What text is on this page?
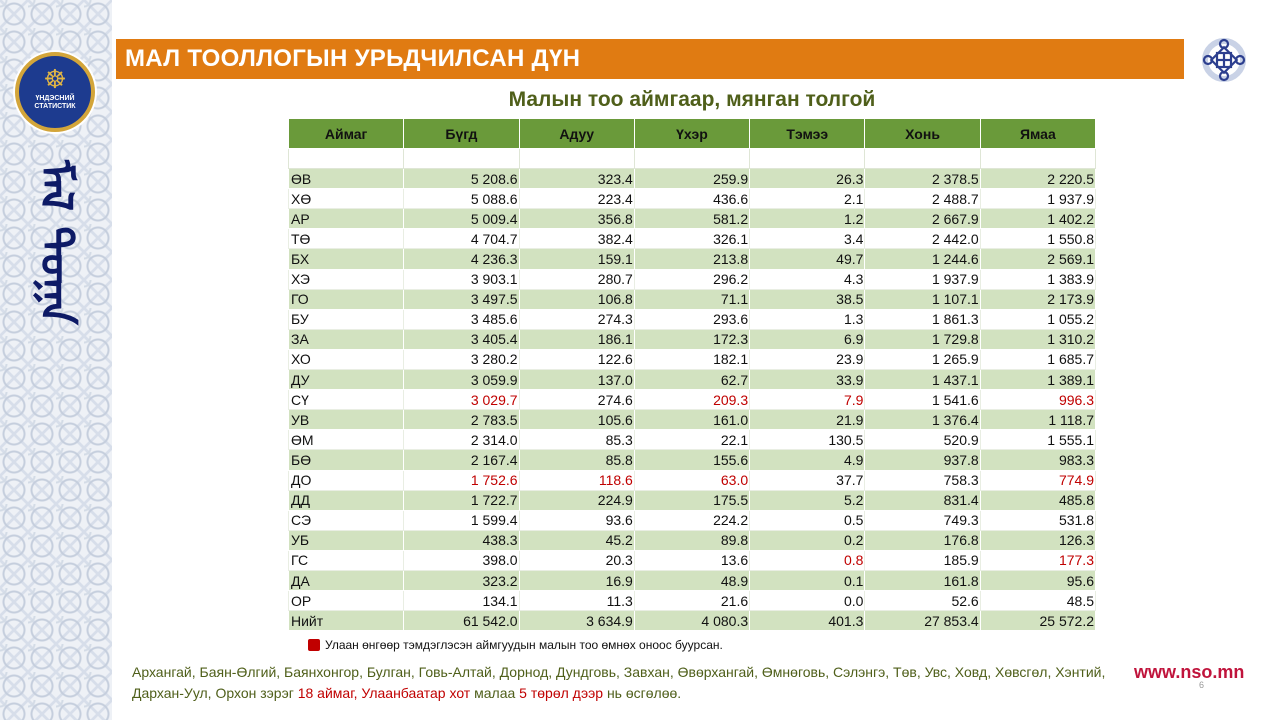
☸
ҮНДЭСНИЙ
СТАТИСТИК
ᠮᠠᠯ ᠲᠣᠭᠠ
МАЛ ТООЛЛОГЫН УРЬДЧИЛСАН ДҮН
Малын тоо аймгаар, мянган толгой
Аймаг	Бүгд	Адуу	Үхэр	Тэмээ	Хонь	Ямаа

ӨВ	5 208.6	323.4	259.9	26.3	2 378.5	2 220.5
ХӨ	5 088.6	223.4	436.6	2.1	2 488.7	1 937.9
АР	5 009.4	356.8	581.2	1.2	2 667.9	1 402.2
ТӨ	4 704.7	382.4	326.1	3.4	2 442.0	1 550.8
БХ	4 236.3	159.1	213.8	49.7	1 244.6	2 569.1
ХЭ	3 903.1	280.7	296.2	4.3	1 937.9	1 383.9
ГО	3 497.5	106.8	71.1	38.5	1 107.1	2 173.9
БУ	3 485.6	274.3	293.6	1.3	1 861.3	1 055.2
ЗА	3 405.4	186.1	172.3	6.9	1 729.8	1 310.2
ХО	3 280.2	122.6	182.1	23.9	1 265.9	1 685.7
ДУ	3 059.9	137.0	62.7	33.9	1 437.1	1 389.1
СҮ	3 029.7	274.6	209.3	7.9	1 541.6	996.3
УВ	2 783.5	105.6	161.0	21.9	1 376.4	1 118.7
ӨМ	2 314.0	85.3	22.1	130.5	520.9	1 555.1
БӨ	2 167.4	85.8	155.6	4.9	937.8	983.3
ДО	1 752.6	118.6	63.0	37.7	758.3	774.9
ДД	1 722.7	224.9	175.5	5.2	831.4	485.8
СЭ	1 599.4	93.6	224.2	0.5	749.3	531.8
УБ	438.3	45.2	89.8	0.2	176.8	126.3
ГС	398.0	20.3	13.6	0.8	185.9	177.3
ДА	323.2	16.9	48.9	0.1	161.8	95.6
ОР	134.1	11.3	21.6	0.0	52.6	48.5
Нийт	61 542.0	3 634.9	4 080.3	401.3	27 853.4	25 572.2
Улаан өнгөөр тэмдэглэсэн аймгуудын малын тоо өмнөх оноос буурсан.
Архангай, Баян-Өлгий, Баянхонгор, Булган, Говь-Алтай, Дорнод, Дундговь, Завхан, Өвөрхангай, Өмнөговь, Сэлэнгэ, Төв, Увс, Ховд, Хөвсгөл, Хэнтий, Дархан-Уул, Орхон зэрэг 18 аймаг, Улаанбаатар хот малаа 5 төрөл дээр нь өсгөлөө.
www.nso.mn
6
